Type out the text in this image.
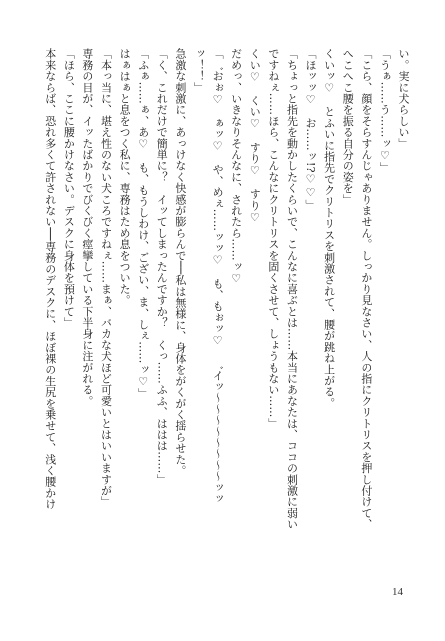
い。実に犬らしい」
「うぁ……う……ッ♡」
「こら、顔をそらすんじゃありません。しっかり見なさい、人の指にクリトリスを押し付けて、
へこへこ腰を振る自分の姿を」
くいッ♡　とふいに指先でクリトリスを刺激されて、腰が跳ね上がる。
「ほッッ♡　お……ッ!?♡♡」
「ちょっと指先を動かしたくらいで、こんなに喜ぶとは……本当にあなたは、ココの刺激に弱い
ですねぇ……ほら、こんなにクリトリスを固くさせて、しょうもない……」
くい♡　くい♡　すり♡　すり♡
だめっ、いきなりそんなに、されたら……ッ♡
「゛おぉ♡　ぁッ♡　や、めぇ……ッッ♡　も、もぉッ♡　゛イッ〜〜〜〜〜〜〜〜ッッ
ッ！！」
急激な刺激に、あっけなく快感が膨らんで──私は無様に、身体をがくがく揺らせた。
「く、これだけで簡単に？　イッてしまったんですか？　くっ……ふふ、ははは……」
「ふぁ……ぁ、あ♡　も、もうしわけ、ござい、ま、しぇ……ッ♡」
はぁはぁと息をつく私に、専務はため息をついた。
「本っ当に、堪え性のない犬ころですねぇ……まぁ、バカな犬ほど可愛いとはいいますが」
専務の目が、イッたばかりでびくびく痙攣している下半身に注がれる。
「ほら、ここに腰かけなさい。デスクに身体を預けて」
本来ならば、恐れ多くて許されない──専務のデスクに、ほぼ裸の生尻を乗せて、浅く腰かけ
14
